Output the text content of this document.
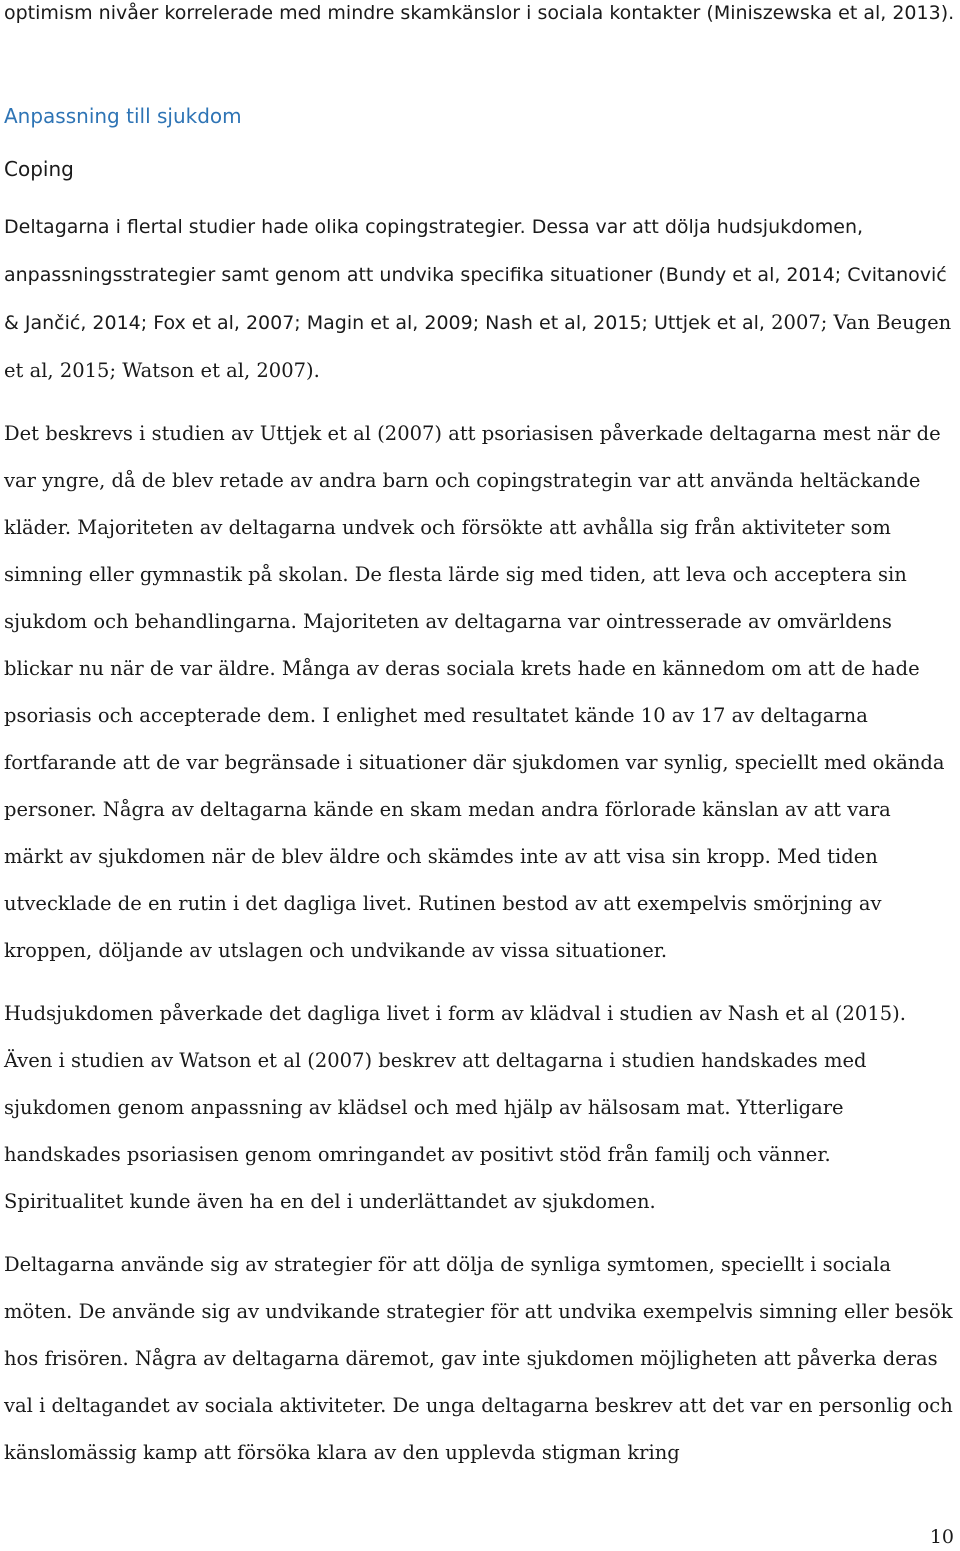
optimism nivåer korrelerade med mindre skamkänslor i sociala kontakter (Miniszewska et al, 2013).

Anpassning till sjukdom
Coping

Deltagarna i flertal studier hade olika copingstrategier. Dessa var att dölja hudsjukdomen, anpassningsstrategier samt genom att undvika specifika situationer (Bundy et al, 2014; Cvitanović & Jančić, 2014; Fox et al, 2007; Magin et al, 2009; Nash et al, 2015; Uttjek et al, 2007; Van Beugen et al, 2015; Watson et al, 2007).

Det beskrevs i studien av Uttjek et al (2007) att psoriasisen påverkade deltagarna mest när de var yngre, då de blev retade av andra barn och copingstrategin var att använda heltäckande kläder. Majoriteten av deltagarna undvek och försökte att avhålla sig från aktiviteter som simning eller gymnastik på skolan. De flesta lärde sig med tiden, att leva och acceptera sin sjukdom och behandlingarna. Majoriteten av deltagarna var ointresserade av omvärldens blickar nu när de var äldre. Många av deras sociala krets hade en kännedom om att de hade psoriasis och accepterade dem. I enlighet med resultatet kände 10 av 17 av deltagarna fortfarande att de var begränsade i situationer där sjukdomen var synlig, speciellt med okända personer. Några av deltagarna kände en skam medan andra förlorade känslan av att vara märkt av sjukdomen när de blev äldre och skämdes inte av att visa sin kropp. Med tiden utvecklade de en rutin i det dagliga livet. Rutinen bestod av att exempelvis smörjning av kroppen, döljande av utslagen och undvikande av vissa situationer.

Hudsjukdomen påverkade det dagliga livet i form av klädval i studien av Nash et al (2015). Även i studien av Watson et al (2007) beskrev att deltagarna i studien handskades med sjukdomen genom anpassning av klädsel och med hjälp av hälsosam mat. Ytterligare handskades psoriasisen genom omringandet av positivt stöd från familj och vänner. Spiritualitet kunde även ha en del i underlättandet av sjukdomen.

Deltagarna använde sig av strategier för att dölja de synliga symtomen, speciellt i sociala möten. De använde sig av undvikande strategier för att undvika exempelvis simning eller besök hos frisören. Några av deltagarna däremot, gav inte sjukdomen möjligheten att påverka deras val i deltagandet av sociala aktiviteter. De unga deltagarna beskrev att det var en personlig och känslomässig kamp att försöka klara av den upplevda stigman kring

10
